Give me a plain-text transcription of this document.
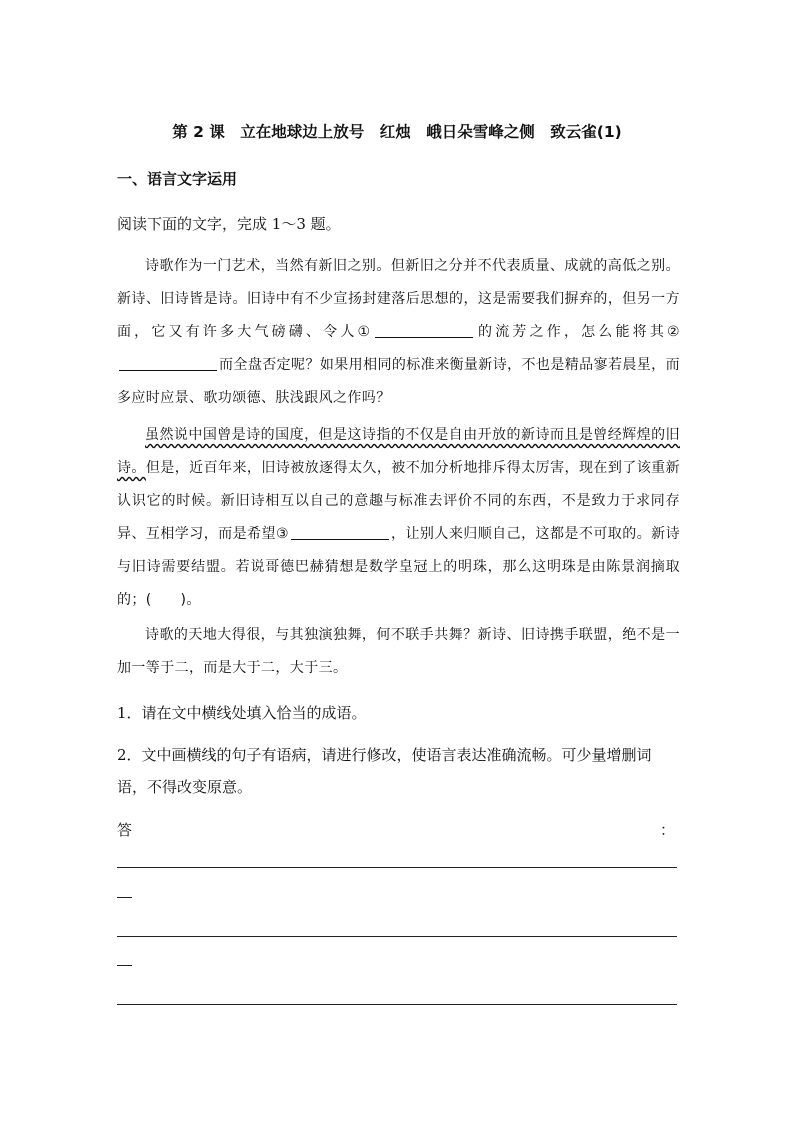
第 2 课　立在地球边上放号　红烛　峨日朵雪峰之侧　致云雀(1)
一、语言文字运用

阅读下面的文字，完成 1～3 题。

诗歌作为一门艺术，当然有新旧之别。但新旧之分并不代表质量、成就的高低之别。新诗、旧诗皆是诗。旧诗中有不少宣扬封建落后思想的，这是需要我们摒弃的，但另一方面，它又有许多大气磅礴、令人①	的流芳之作，怎么能将其②而全盘否定呢？如果用相同的标准来衡量新诗，不也是精品寥若晨星，而多应时应景、歌功颂德、肤浅跟风之作吗？

虽然说中国曾是诗的国度，但是这诗指的不仅是自由开放的新诗而且是曾经辉煌的旧诗。但是，近百年来，旧诗被放逐得太久，被不加分析地排斥得太厉害，现在到了该重新认识它的时候。新旧诗相互以自己的意趣与标准去评价不同的东西，不是致力于求同存异、互相学习，而是希望③	，让别人来归顺自己，这都是不可取的。新诗与旧诗需要结盟。若说哥德巴赫猜想是数学皇冠上的明珠，那么这明珠是由陈景润摘取的；(　　)。

诗歌的天地大得很，与其独演独舞，何不联手共舞？新诗、旧诗携手联盟，绝不是一加一等于二，而是大于二，大于三。

1．请在文中横线处填入恰当的成语。

2．文中画横线的句子有语病，请进行修改，使语言表达准确流畅。可少量增删词语，不得改变原意。

答	：
